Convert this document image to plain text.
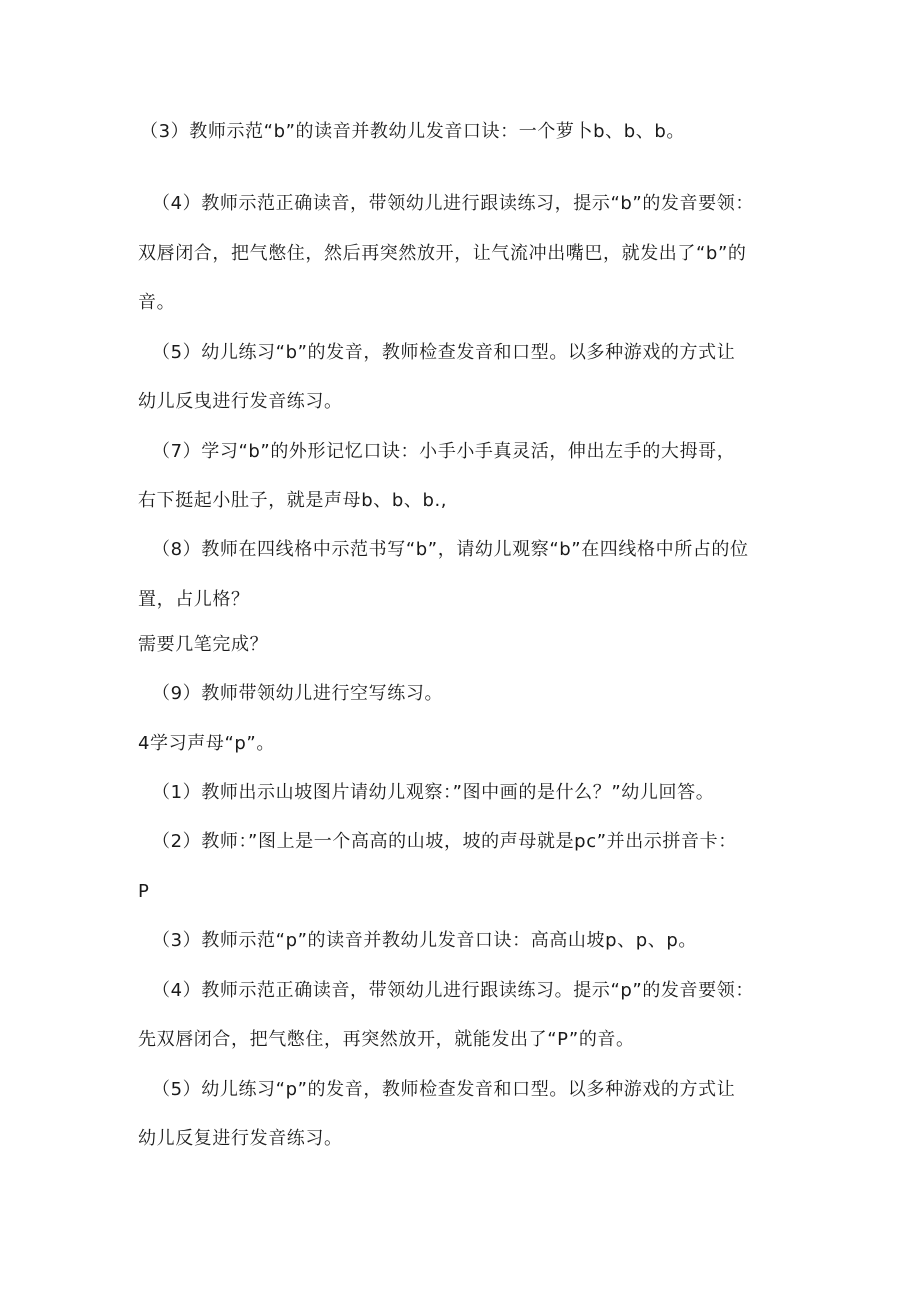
（3）教师示范“b”的读音并教幼儿发音口诀：一个萝卜b、b、b。
（4）教师示范正确读音，带领幼儿进行跟读练习，提示“b”的发音要领：
双唇闭合，把气憋住，然后再突然放开，让气流冲出嘴巴，就发出了“b”的
音。
（5）幼儿练习“b”的发音，教师检查发音和口型。以多种游戏的方式让
幼儿反曳进行发音练习。
（7）学习“b”的外形记忆口诀：小手小手真灵活，伸出左手的大拇哥，
右下挺起小肚子，就是声母b、b、b.,
（8）教师在四线格中示范书写“b”，请幼儿观察“b”在四线格中所占的位
置，占儿格？
需要几笔完成？
（9）教师带领幼儿进行空写练习。
4学习声母“p”。
（1）教师出示山坡图片请幼儿观察：”图中画的是什么？”幼儿回答。
（2）教师：”图上是一个高高的山坡，坡的声母就是pc”并出示拼音卡：
P
（3）教师示范“p”的读音并教幼儿发音口诀：高高山坡p、p、p。
（4）教师示范正确读音，带领幼儿进行跟读练习。提示“p”的发音要领：
先双唇闭合，把气憋住，再突然放开，就能发出了“P”的音。
（5）幼儿练习“p”的发音，教师检查发音和口型。以多种游戏的方式让
幼儿反复进行发音练习。
